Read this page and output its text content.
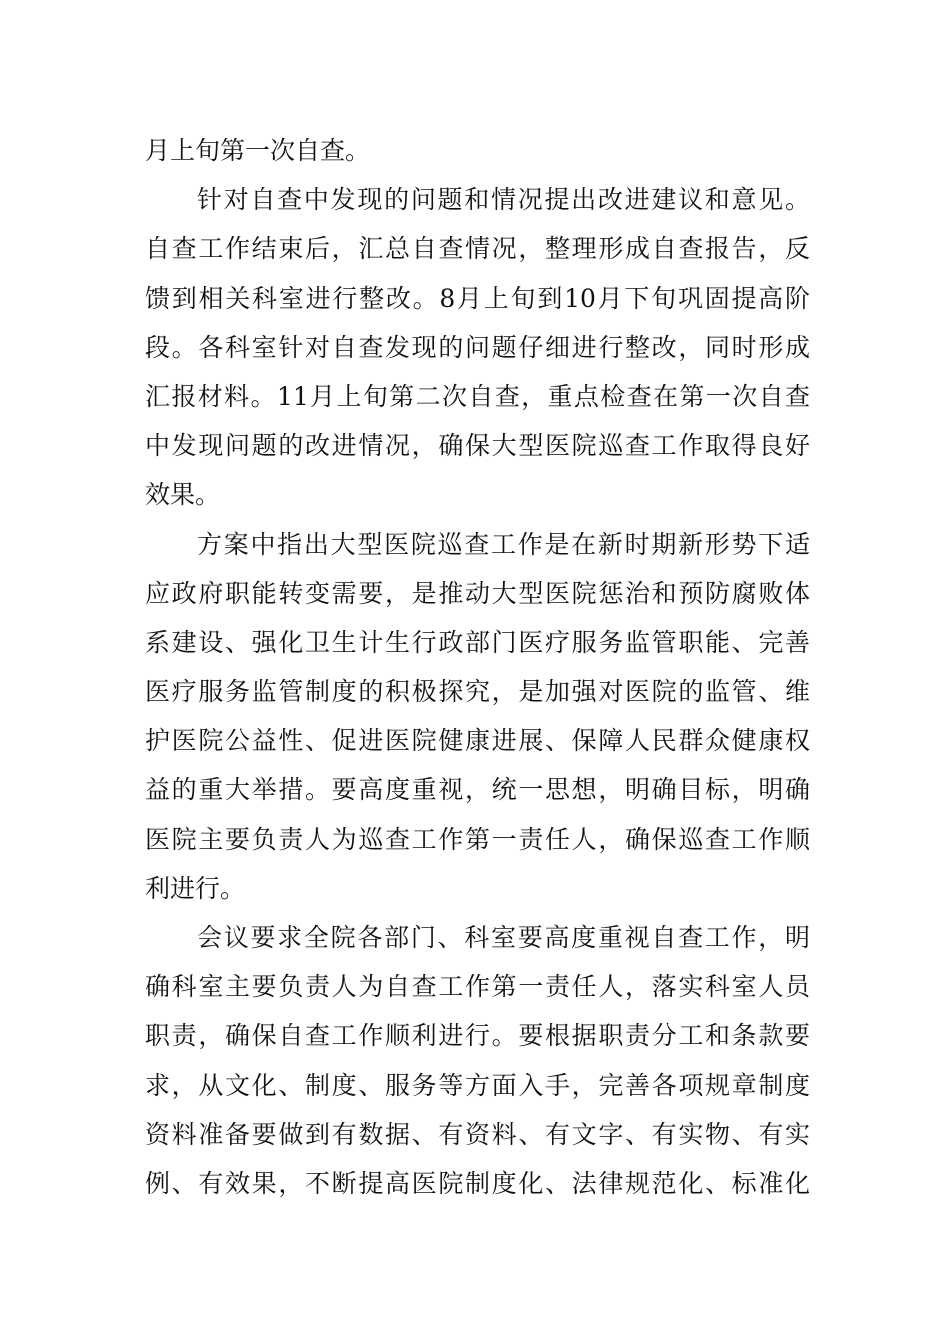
月上旬第一次自查。
针对自查中发现的问题和情况提出改进建议和意见。
自查工作结束后，汇总自查情况，整理形成自查报告，反
馈到相关科室进行整改。8月上旬到10月下旬巩固提高阶
段。各科室针对自查发现的问题仔细进行整改，同时形成
汇报材料。11月上旬第二次自查，重点检查在第一次自查
中发现问题的改进情况，确保大型医院巡查工作取得良好
效果。
方案中指出大型医院巡查工作是在新时期新形势下适
应政府职能转变需要，是推动大型医院惩治和预防腐败体
系建设、强化卫生计生行政部门医疗服务监管职能、完善
医疗服务监管制度的积极探究，是加强对医院的监管、维
护医院公益性、促进医院健康进展、保障人民群众健康权
益的重大举措。要高度重视，统一思想，明确目标，明确
医院主要负责人为巡查工作第一责任人，确保巡查工作顺
利进行。
会议要求全院各部门、科室要高度重视自查工作，明
确科室主要负责人为自查工作第一责任人，落实科室人员
职责，确保自查工作顺利进行。要根据职责分工和条款要
求，从文化、制度、服务等方面入手，完善各项规章制度
资料准备要做到有数据、有资料、有文字、有实物、有实
例、有效果，不断提高医院制度化、法律规范化、标准化
